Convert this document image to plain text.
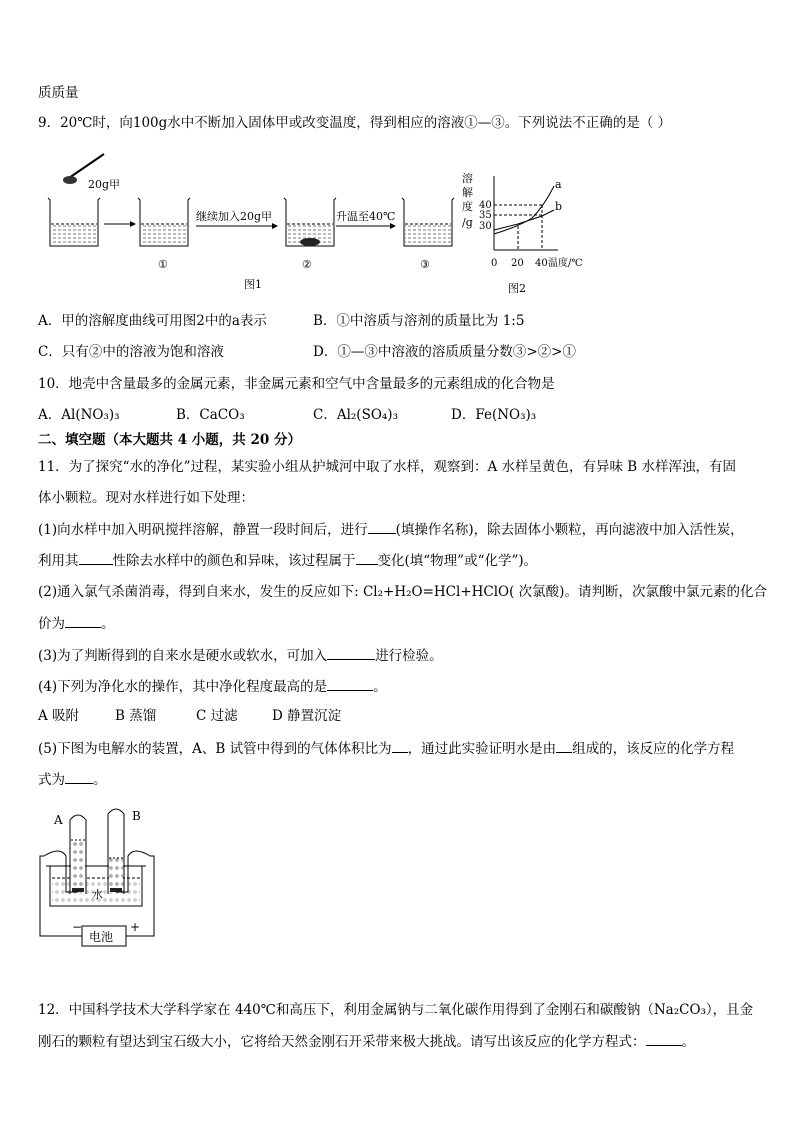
质质量
9．20℃时，向100g水中不断加入固体甲或改变温度，得到相应的溶液①—③。下列说法不正确的是（ ）
20g甲
①
继续加入20g甲
②
升温至40℃
③
图1
溶
解
度
/g
40
35
30
a
b
0 20 40 温度/℃
图2
A．甲的溶解度曲线可用图2中的a表示	B．①中溶质与溶剂的质量比为 1:5
C．只有②中的溶液为饱和溶液	D．①—③中溶液的溶质质量分数③>②>①
10．地壳中含量最多的金属元素，非金属元素和空气中含量最多的元素组成的化合物是
A．Al(NO₃)₃	B．CaCO₃	C．Al₂(SO₄)₃	D．Fe(NO₃)₃
二、填空题（本大题共 4 小题，共 20 分）
11．为了探究“水的净化”过程，某实验小组从护城河中取了水样，观察到：A 水样呈黄色，有异味 B 水样浑浊，有固
体小颗粒。现对水样进行如下处理：
(1)向水样中加入明矾搅拌溶解，静置一段时间后，进行 (填操作名称)，除去固体小颗粒，再向滤液中加入活性炭，
利用其	性除去水样中的颜色和异味，该过程属于 变化(填“物理”或“化学”)。
(2)通入氯气杀菌消毒，得到自来水，发生的反应如下: Cl₂+H₂O=HCl+HClO( 次氯酸)。请判断，次氯酸中氯元素的化合
价为	。
(3)为了判断得到的自来水是硬水或软水，可加入	进行检验。
(4)下列为净化水的操作，其中净化程度最高的是	。
A 吸附	B 蒸馏	C 过滤	D 静置沉淀
(5)下图为电解水的装置，A、B 试管中得到的气体体积比为 ，通过此实验证明水是由 组成的，该反应的化学方程
式为 。
A	B
水
电池
−	+
12．中国科学技术大学科学家在 440℃和高压下，利用金属钠与二氧化碳作用得到了金刚石和碳酸钠（Na₂CO₃），且金
刚石的颗粒有望达到宝石级大小，它将给天然金刚石开采带来极大挑战。请写出该反应的化学方程式：	。
